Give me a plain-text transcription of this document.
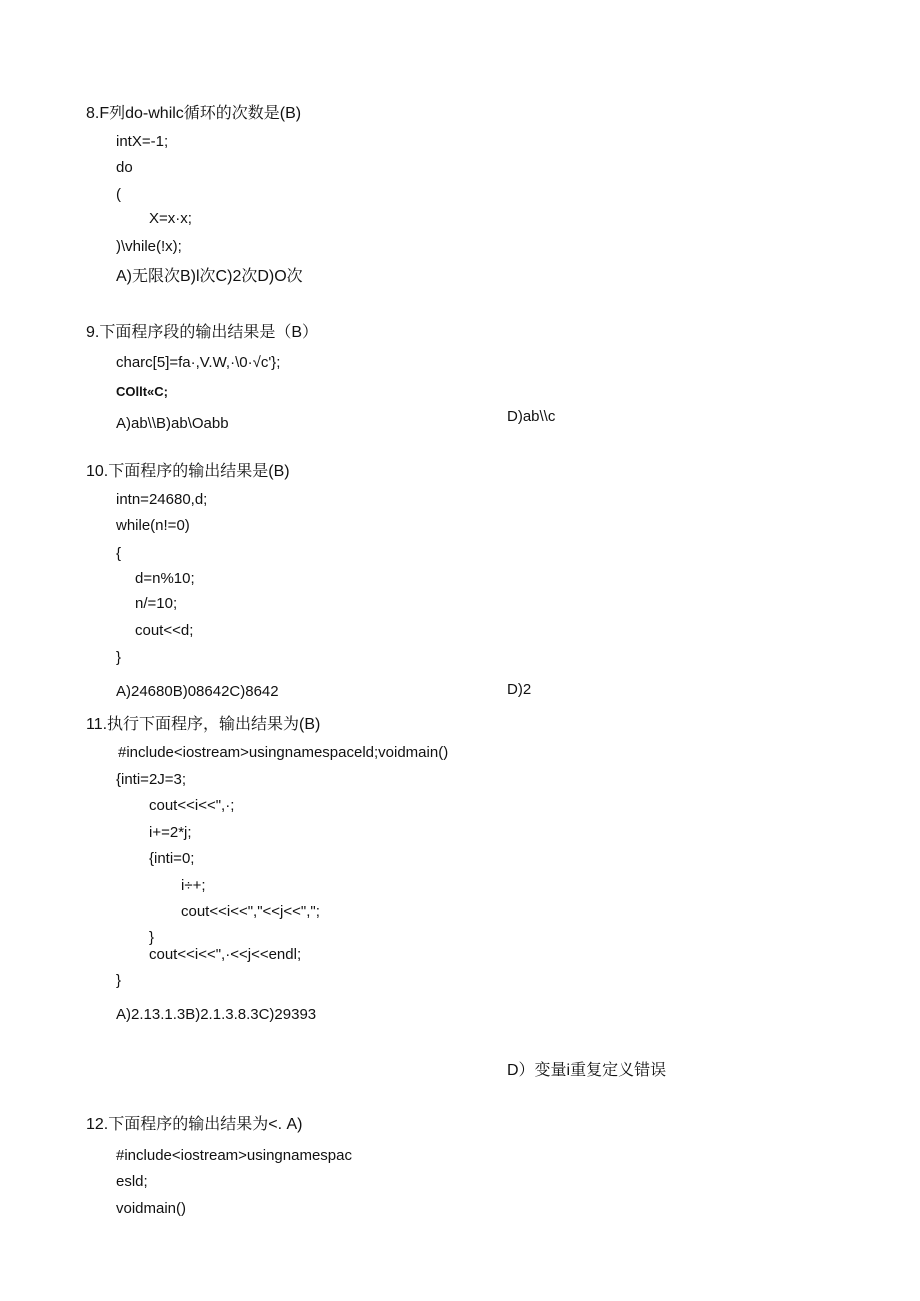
8.F列do-whilc循环的次数是(B)
intX=-1;
do
(
X=x·x;
)\vhile(!x);
A)无限次B)l次C)2次D)O次
9.下面程序段的输出结果是（B）
charc[5]=fa·,V.W,·\0·√c'};
COllt«C;
A)ab\\B)ab\Oabb	D)ab\\c
10.下面程序的输出结果是(B)
intn=24680,d;
while(n!=0)
{
d=n%10;
n/=10;
cout<<d;
}
A)24680B)08642C)8642	D)2
11.执行下面程序，输出结果为(B)
#include<iostream>usingnamespaceld;voidmain()
{inti=2J=3;
cout<<i<<",·;
i+=2*j;
{inti=0;
i÷+;
cout<<i<<","<<j<<",";
}
cout<<i<<",·<<j<<endl;
}
A)2.13.1.3B)2.1.3.8.3C)29393
D）变量i重复定义错误
12.下面程序的输出结果为<. A)
#include<iostream>usingnamespac
esld;
voidmain()
